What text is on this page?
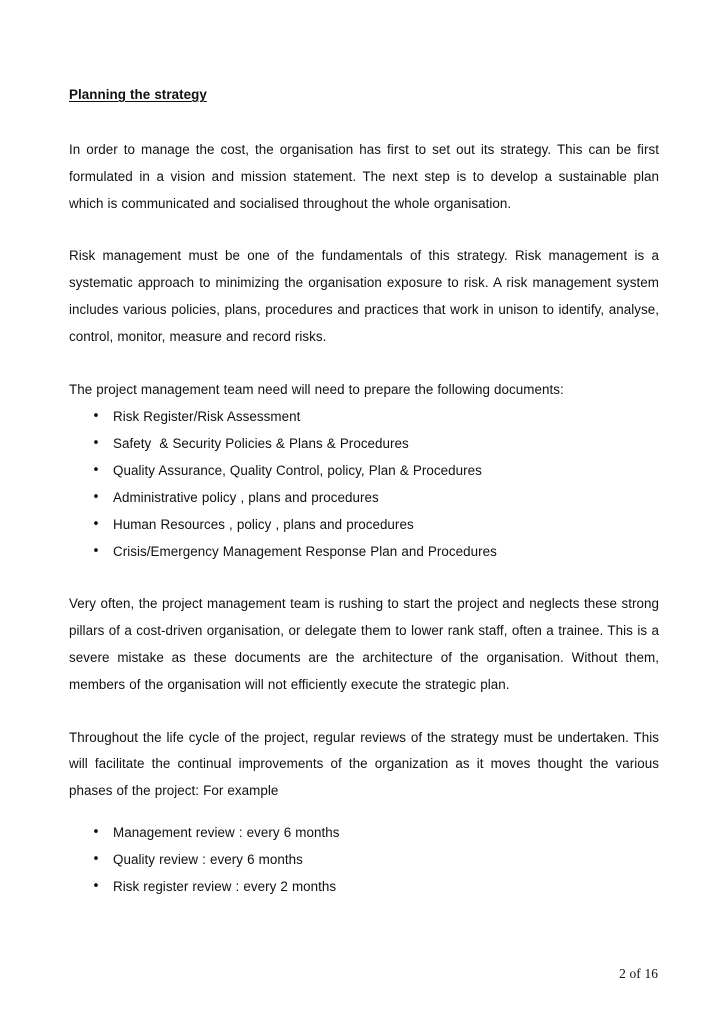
Planning the strategy

In order to manage the cost, the organisation has first to set out its strategy. This can be first formulated in a vision and mission statement. The next step is to develop a sustainable plan which is communicated and socialised throughout the whole organisation.

Risk management must be one of the fundamentals of this strategy. Risk management is a systematic approach to minimizing the organisation exposure to risk. A risk management system includes various policies, plans, procedures and practices that work in unison to identify, analyse, control, monitor, measure and record risks.

The project management team need will need to prepare the following documents:

• Risk Register/Risk Assessment
• Safety  & Security Policies & Plans & Procedures
• Quality Assurance, Quality Control, policy, Plan & Procedures
• Administrative policy , plans and procedures
• Human Resources , policy , plans and procedures
• Crisis/Emergency Management Response Plan and Procedures

Very often, the project management team is rushing to start the project and neglects these strong pillars of a cost-driven organisation, or delegate them to lower rank staff, often a trainee. This is a severe mistake as these documents are the architecture of the organisation. Without them, members of the organisation will not efficiently execute the strategic plan.

Throughout the life cycle of the project, regular reviews of the strategy must be undertaken. This will facilitate the continual improvements of the organization as it moves thought the various phases of the project: For example

• Management review : every 6 months
• Quality review : every 6 months
• Risk register review : every 2 months
2 of 16
